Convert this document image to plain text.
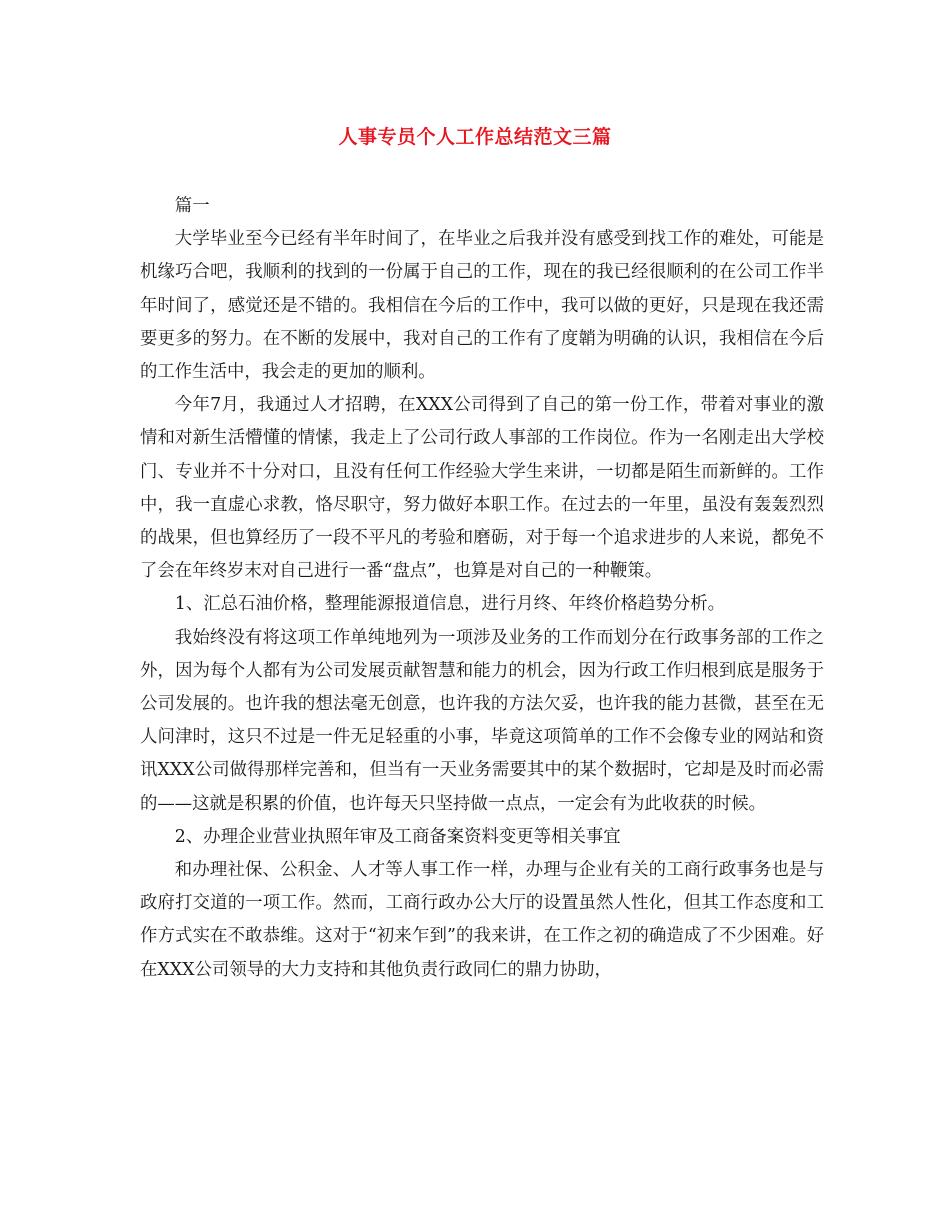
人事专员个人工作总结范文三篇

篇一

大学毕业至今已经有半年时间了，在毕业之后我并没有感受到找工作的难处，可能是机缘巧合吧，我顺利的找到的一份属于自己的工作，现在的我已经很顺利的在公司工作半年时间了，感觉还是不错的。我相信在今后的工作中，我可以做的更好，只是现在我还需要更多的努力。在不断的发展中，我对自己的工作有了度韒为明确的认识，我相信在今后的工作生活中，我会走的更加的顺利。

今年7月，我通过人才招聘，在XXX公司得到了自己的第一份工作，带着对事业的激情和对新生活懵懂的情愫，我走上了公司行政人事部的工作岗位。作为一名刚走出大学校门、专业并不十分对口，且没有任何工作经验大学生来讲，一切都是陌生而新鲜的。工作中，我一直虚心求教，恪尽职守，努力做好本职工作。在过去的一年里，虽没有轰轰烈烈的战果，但也算经历了一段不平凡的考验和磨砺，对于每一个追求进步的人来说，都免不了会在年终岁末对自己进行一番“盘点”，也算是对自己的一种鞭策。

1、汇总石油价格，整理能源报道信息，进行月终、年终价格趋势分析。

我始终没有将这项工作单纯地列为一项涉及业务的工作而划分在行政事务部的工作之外，因为每个人都有为公司发展贡献智慧和能力的机会，因为行政工作归根到底是服务于公司发展的。也许我的想法毫无创意，也许我的方法欠妥，也许我的能力甚微，甚至在无人问津时，这只不过是一件无足轻重的小事，毕竟这项简单的工作不会像专业的网站和资讯XXX公司做得那样完善和，但当有一天业务需要其中的某个数据时，它却是及时而必需的——这就是积累的价值，也许每天只坚持做一点点，一定会有为此收获的时候。

2、办理企业营业执照年审及工商备案资料变更等相关事宜

和办理社保、公积金、人才等人事工作一样，办理与企业有关的工商行政事务也是与政府打交道的一项工作。然而，工商行政办公大厅的设置虽然人性化，但其工作态度和工作方式实在不敢恭维。这对于“初来乍到”的我来讲，在工作之初的确造成了不少困难。好在XXX公司领导的大力支持和其他负责行政同仁的鼎力协助，
